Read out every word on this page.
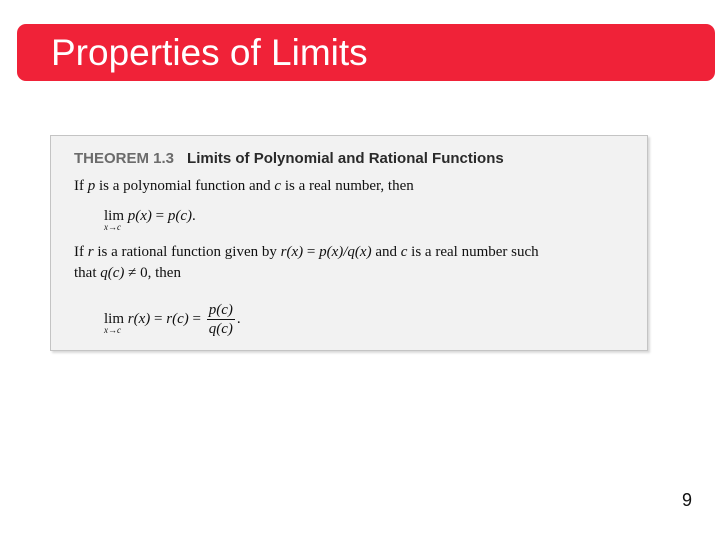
Properties of Limits
THEOREM 1.3 Limits of Polynomial and Rational Functions
If p is a polynomial function and c is a real number, then
lim
x→c
p(x) = p(c).
If r is a rational function given by r(x) = p(x)/q(x) and c is a real number such
that q(c) ≠ 0, then
lim
x→c
$r(x) = r(c) = \frac{p(c)}{q(c)}$ .
9
